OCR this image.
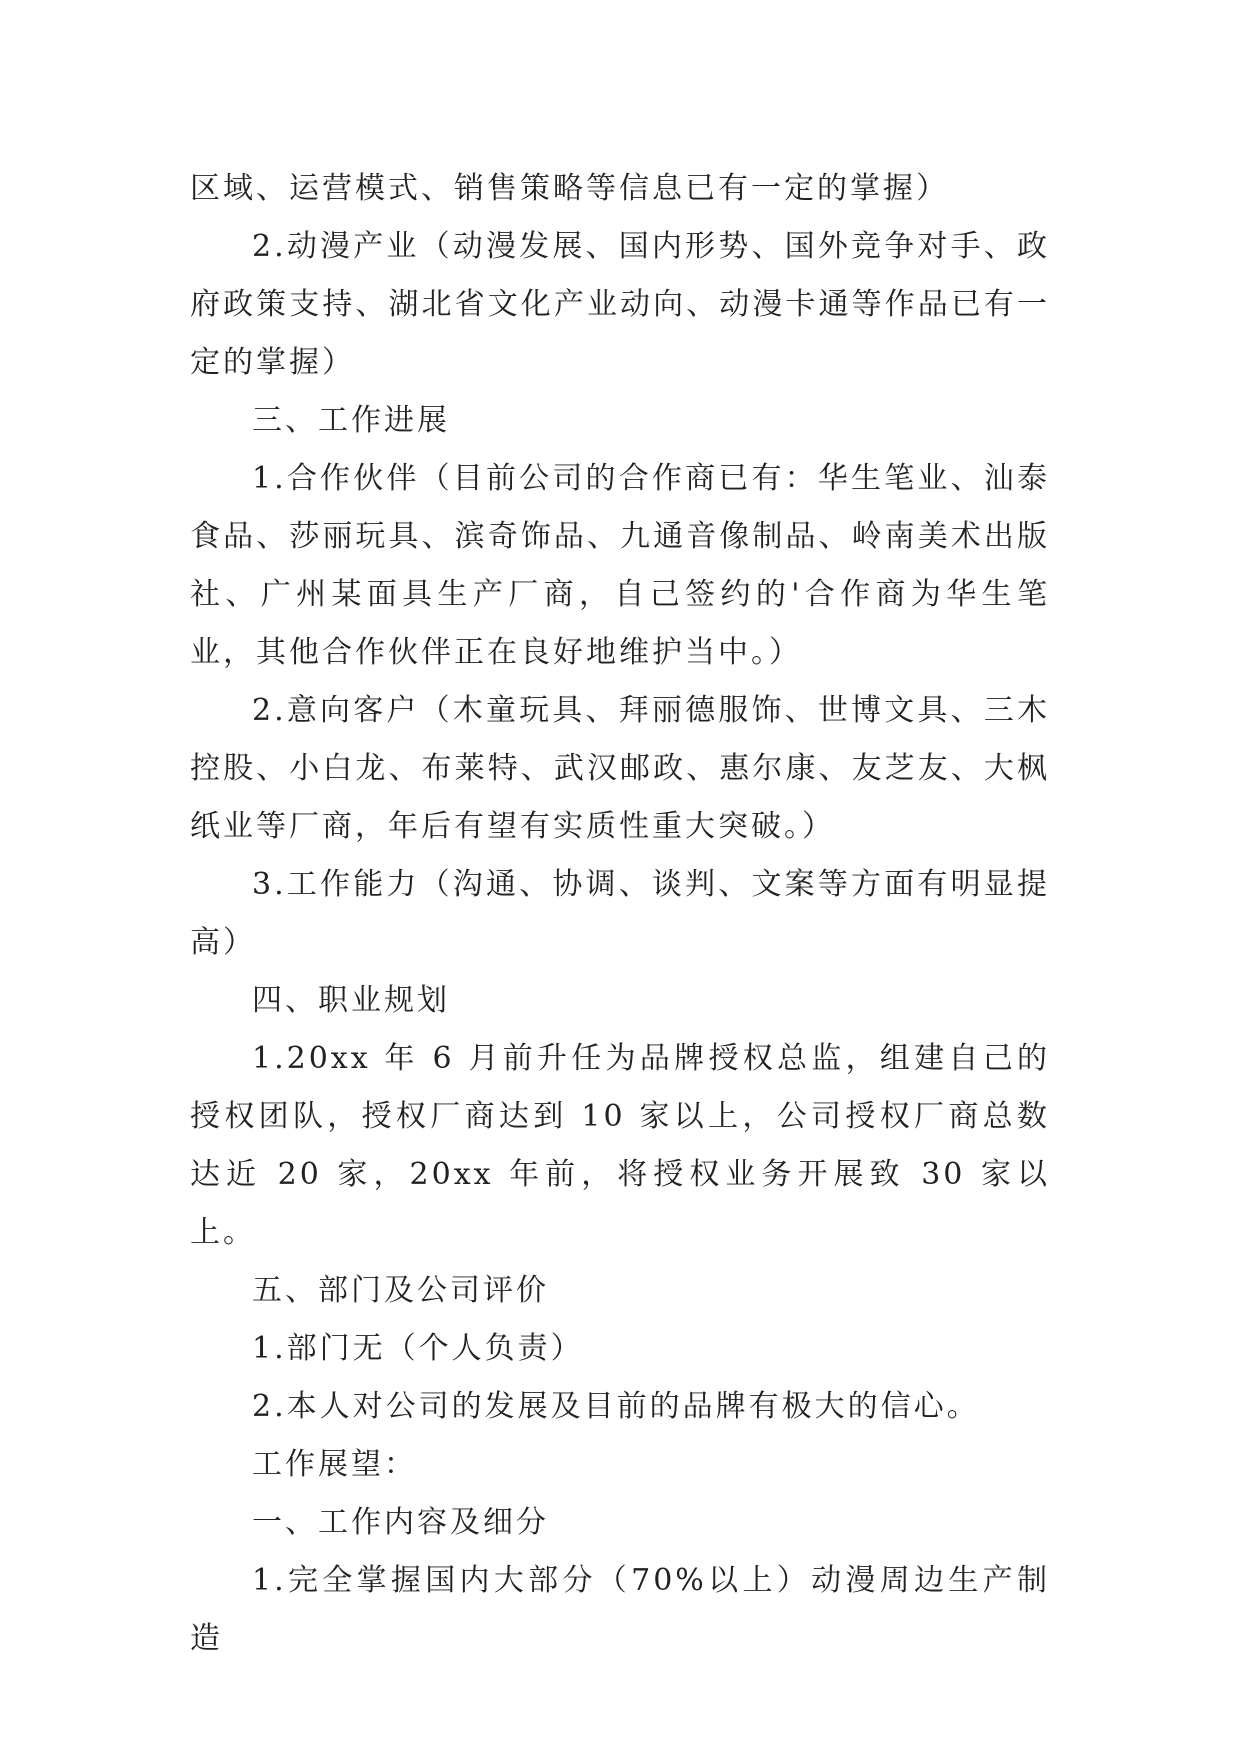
区域、运营模式、销售策略等信息已有一定的掌握）

2.动漫产业（动漫发展、国内形势、国外竞争对手、政府政策支持、湖北省文化产业动向、动漫卡通等作品已有一定的掌握）

三、工作进展

1.合作伙伴（目前公司的合作商已有：华生笔业、汕泰食品、莎丽玩具、滨奇饰品、九通音像制品、岭南美术出版社、广州某面具生产厂商，自己签约的'合作商为华生笔业，其他合作伙伴正在良好地维护当中。）

2.意向客户（木童玩具、拜丽德服饰、世博文具、三木控股、小白龙、布莱特、武汉邮政、惠尔康、友芝友、大枫纸业等厂商，年后有望有实质性重大突破。）

3.工作能力（沟通、协调、谈判、文案等方面有明显提高）

四、职业规划

1.20xx 年 6 月前升任为品牌授权总监，组建自己的授权团队，授权厂商达到 10 家以上，公司授权厂商总数达近 20 家，20xx 年前，将授权业务开展致 30 家以上。

五、部门及公司评价

1.部门无（个人负责）

2.本人对公司的发展及目前的品牌有极大的信心。

工作展望：

一、工作内容及细分

1.完全掌握国内大部分（70%以上）动漫周边生产制造
